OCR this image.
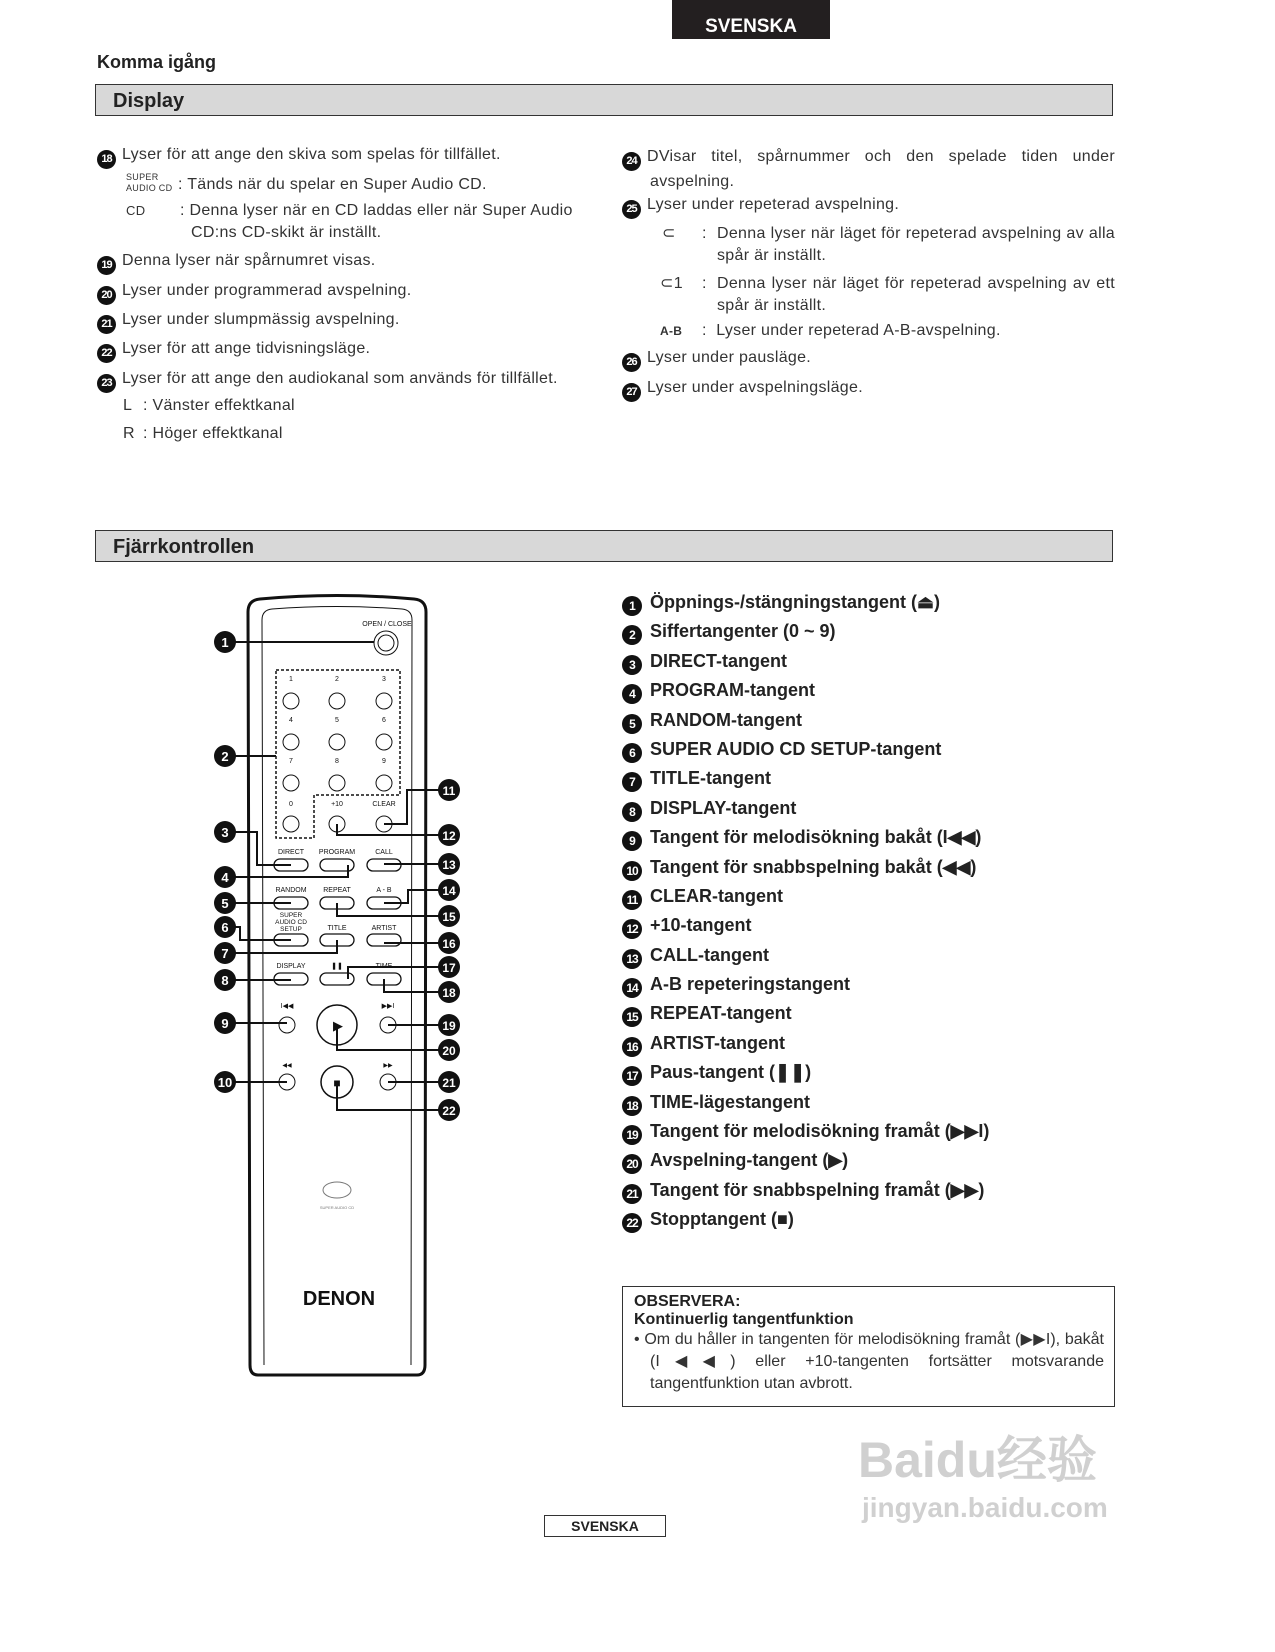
SVENSKA
Komma igång
Display
18 Lyser för att ange den skiva som spelas för tillfället.
SUPER AUDIO CD : Tänds när du spelar en Super Audio CD.
CD : Denna lyser när en CD laddas eller när Super Audio
CD:ns CD-skikt är inställt.
19 Denna lyser när spårnumret visas.
20 Lyser under programmerad avspelning.
21 Lyser under slumpmässig avspelning.
22 Lyser för att ange tidvisningsläge.
23 Lyser för att ange den audiokanal som används för tillfället.
L : Vänster effektkanal
R : Höger effektkanal
24 DVisar titel, spårnummer och den spelade tiden under avspelning.
25 Lyser under repeterad avspelning.
⊂ : Denna lyser när läget för repeterad avspelning av alla spår är inställt.
⊂1 : Denna lyser när läget för repeterad avspelning av ett spår är inställt.
A-B :  Lyser under repeterad A-B-avspelning.
26 Lyser under pausläge.
27 Lyser under avspelningsläge.
Fjärrkontrollen
OPEN / CLOSE
1	2	3
4	5	6
7	8	9
0	+10	CLEAR
DIRECT PROGRAM	CALL
RANDOM REPEAT	A - B
TITLE	ARTIST
DISPLAY	❚❚	TIME
SUPER
AUDIO CD
SETUP
I◀◀	▶▶I
▶
◀◀	▶▶
■
SUPER AUDIO CD
DENON
1
2
3
4
5
6
7
8
9
10
11
12
13
14
15
16
17
18
19
20
21
22
1 Öppnings-/stängningstangent (⏏)
2 Siffertangenter (0 ~ 9)
3 DIRECT-tangent
4 PROGRAM-tangent
5 RANDOM-tangent
6 SUPER AUDIO CD SETUP-tangent
7 TITLE-tangent
8 DISPLAY-tangent
9 Tangent för melodisökning bakåt (I◀◀)
10 Tangent för snabbspelning bakåt (◀◀)
11 CLEAR-tangent
12 +10-tangent
13 CALL-tangent
14 A-B repeteringstangent
15 REPEAT-tangent
16 ARTIST-tangent
17 Paus-tangent (❚❚)
18 TIME-lägestangent
19 Tangent för melodisökning framåt (▶▶I)
20 Avspelning-tangent (▶)
21 Tangent för snabbspelning framåt (▶▶)
22 Stopptangent (■)
OBSERVERA:
Kontinuerlig tangentfunktion
• Om du håller in tangenten för melodisökning framåt (▶▶I), bakåt (I◀◀) eller +10-tangenten fortsätter motsvarande tangentfunktion utan avbrott.
SVENSKA
Baidu经验
jingyan.baidu.com
